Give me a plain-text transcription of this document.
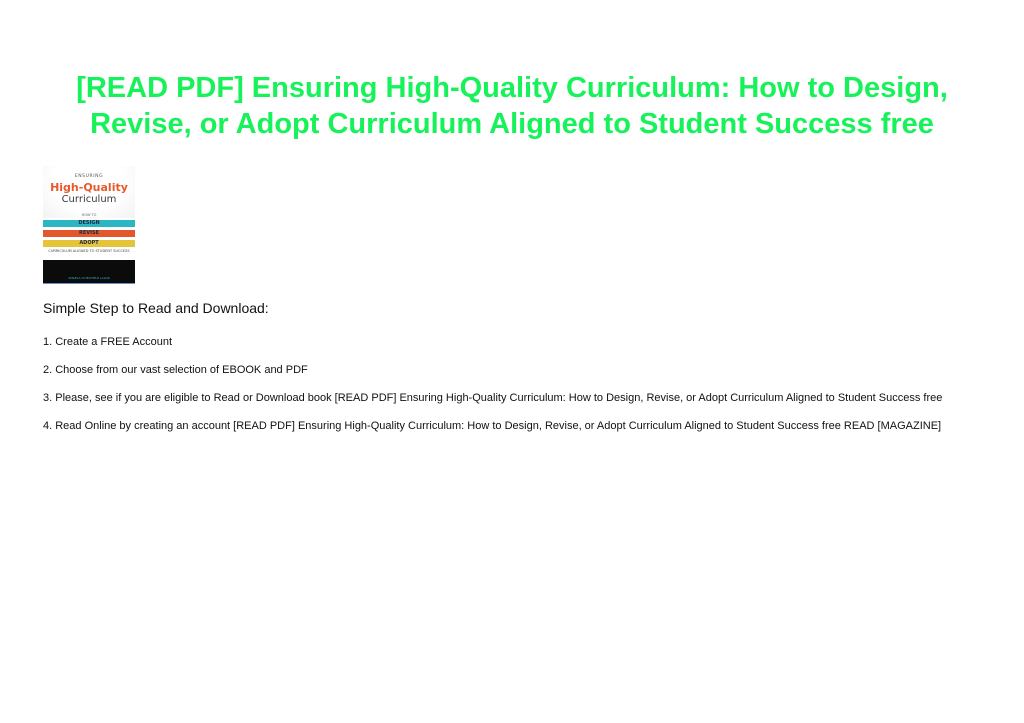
[READ PDF] Ensuring High-Quality Curriculum: How to Design, Revise, or Adopt Curriculum Aligned to Student Success free
ENSURING
High-Quality
Curriculum
HOW TO
DESIGN
REVISE
ADOPT
CURRICULUM ALIGNED TO STUDENT SUCCESS
ANGELA DI MICHELE LALOR

Simple Step to Read and Download:

1. Create a FREE Account

2. Choose from our vast selection of EBOOK and PDF

3. Please, see if you are eligible to Read or Download book [READ PDF] Ensuring High-Quality Curriculum: How to Design, Revise, or Adopt Curriculum Aligned to Student Success free

4. Read Online by creating an account [READ PDF] Ensuring High-Quality Curriculum: How to Design, Revise, or Adopt Curriculum Aligned to Student Success free READ [MAGAZINE]
